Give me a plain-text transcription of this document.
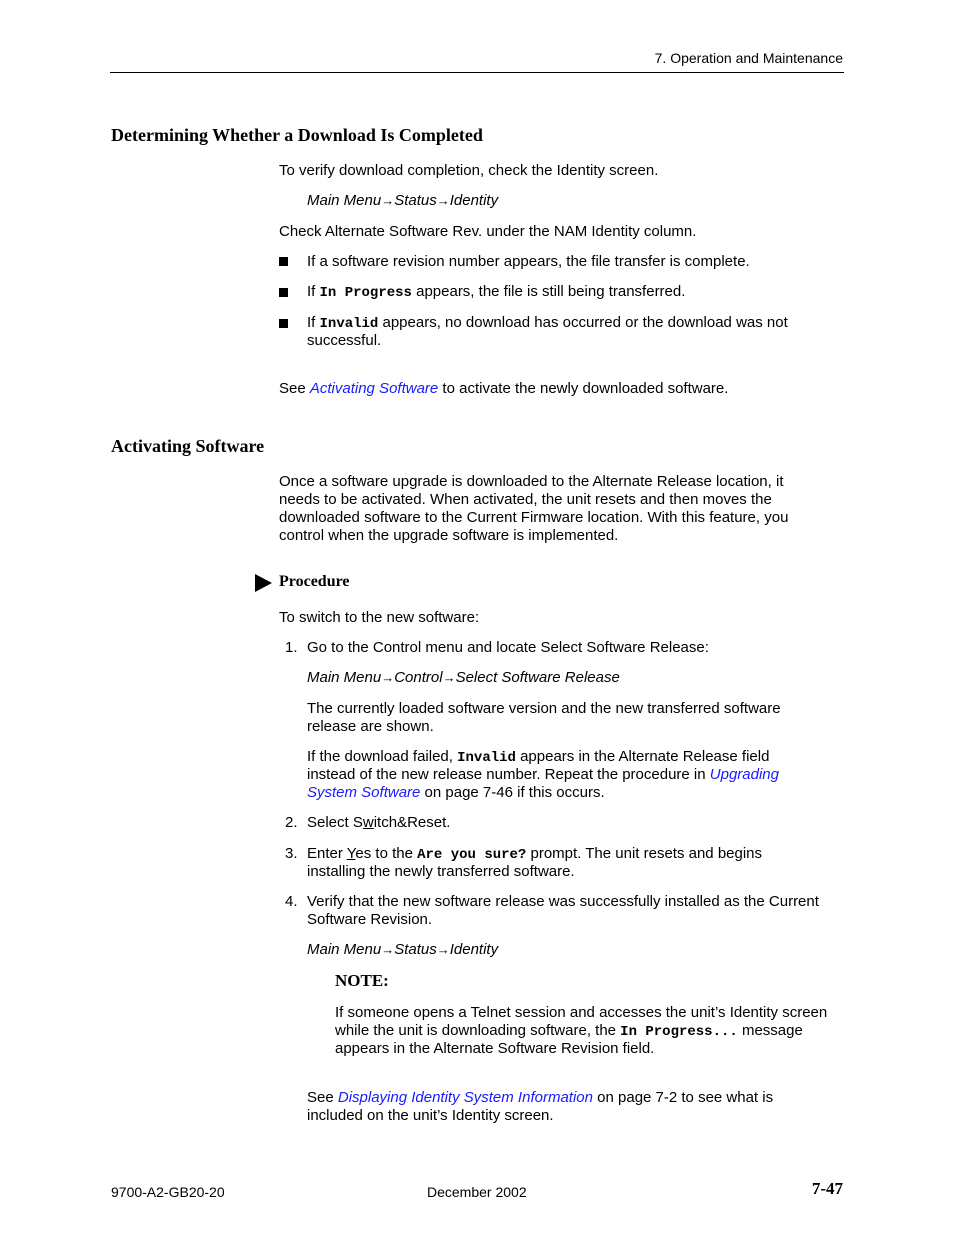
7. Operation and Maintenance
Determining Whether a Download Is Completed
To verify download completion, check the Identity screen.
Main Menu→Status→Identity
Check Alternate Software Rev. under the NAM Identity column.
If a software revision number appears, the file transfer is complete.
If In Progress appears, the file is still being transferred.
If Invalid appears, no download has occurred or the download was not
successful.
See Activating Software to activate the newly downloaded software.
Activating Software
Once a software upgrade is downloaded to the Alternate Release location, it
needs to be activated. When activated, the unit resets and then moves the
downloaded software to the Current Firmware location. With this feature, you
control when the upgrade software is implemented.
Procedure
To switch to the new software:
1. Go to the Control menu and locate Select Software Release:
Main Menu→Control→Select Software Release
The currently loaded software version and the new transferred software
release are shown.
If the download failed, Invalid appears in the Alternate Release field
instead of the new release number. Repeat the procedure in Upgrading
System Software on page 7-46 if this occurs.
2. Select Switch&Reset.
3. Enter Yes to the Are you sure? prompt. The unit resets and begins
installing the newly transferred software.
4. Verify that the new software release was successfully installed as the Current
Software Revision.
Main Menu→Status→Identity
NOTE:
If someone opens a Telnet session and accesses the unit’s Identity screen
while the unit is downloading software, the In Progress... message
appears in the Alternate Software Revision field.
See Displaying Identity System Information on page 7-2 to see what is
included on the unit’s Identity screen.
9700-A2-GB20-20	December 2002	7-47
